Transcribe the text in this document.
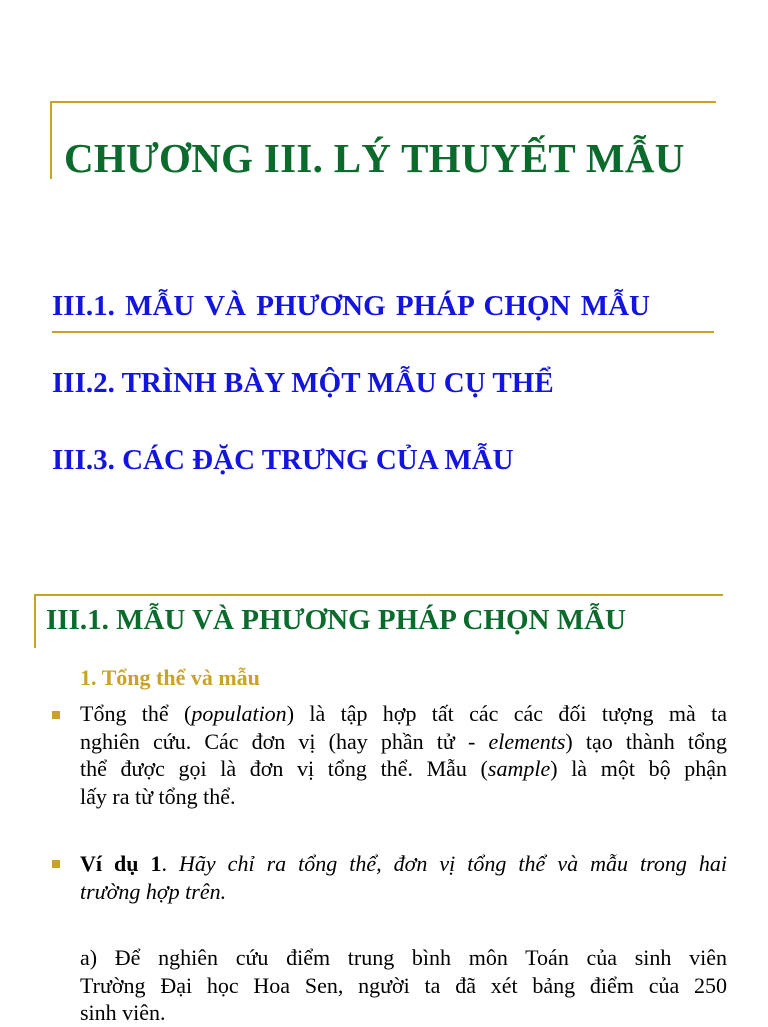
CHƯƠNG III. LÝ THUYẾT MẪU
III.1. MẪU VÀ PHƯƠNG PHÁP CHỌN MẪU
III.2. TRÌNH BÀY MỘT MẪU CỤ THỂ
III.3. CÁC ĐẶC TRƯNG CỦA MẪU
III.1. MẪU VÀ PHƯƠNG PHÁP CHỌN MẪU
1. Tổng thể và mẫu
Tổng thể (population) là tập hợp tất các các đối tượng mà ta
nghiên cứu. Các đơn vị (hay phần tử - elements) tạo thành tổng
thể được gọi là đơn vị tổng thể. Mẫu (sample) là một bộ phận
lấy ra từ tổng thể.
Ví dụ 1. Hãy chỉ ra tổng thể, đơn vị tổng thể và mẫu trong hai
trường hợp trên.
a) Để nghiên cứu điểm trung bình môn Toán của sinh viên
Trường Đại học Hoa Sen, người ta đã xét bảng điểm của 250
sinh viên.
